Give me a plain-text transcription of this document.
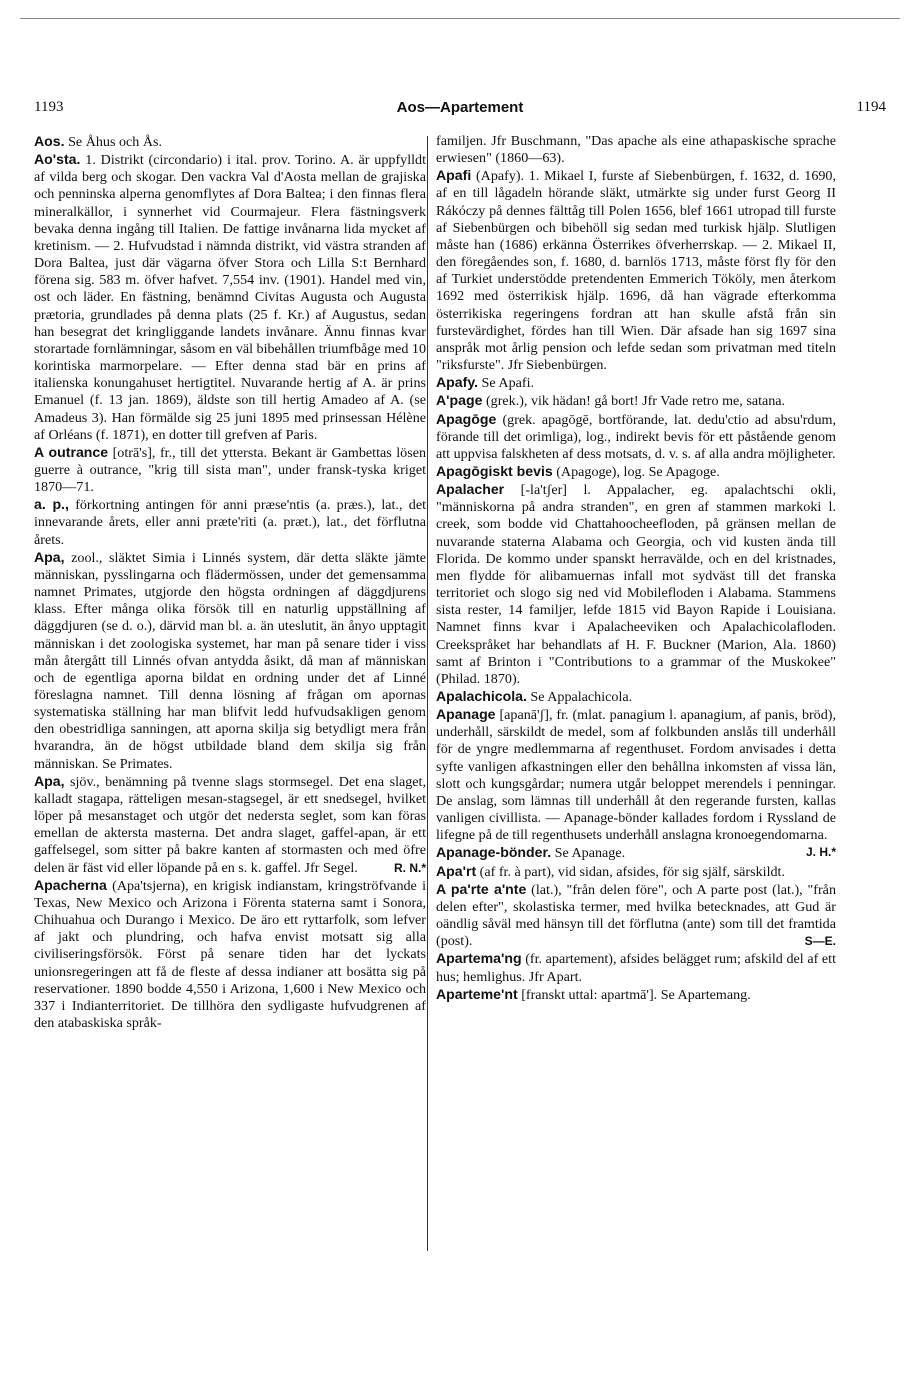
1193	Aos—Apartement	1194

Aos. Se Åhus och Ås.

Ao'sta. 1. Distrikt (circondario) i ital. prov. Torino. A. är uppfylldt af vilda berg och skogar. Den vackra Val d'Aosta mellan de grajiska och penninska alperna genomflytes af Dora Baltea; i den finnas flera mineralkällor, i synnerhet vid Courmajeur. Flera fästningsverk bevaka denna ingång till Italien. De fattige invånarna lida mycket af kretinism. — 2. Hufvudstad i nämnda distrikt, vid västra stranden af Dora Baltea, just där vägarna öfver Stora och Lilla S:t Bernhard förena sig. 583 m. öfver hafvet. 7,554 inv. (1901). Handel med vin, ost och läder. En fästning, benämnd Civitas Augusta och Augusta prætoria, grundlades på denna plats (25 f. Kr.) af Augustus, sedan han besegrat det kringliggande landets invånare. Ännu finnas kvar storartade fornlämningar, såsom en väl bibehållen triumfbåge med 10 korintiska marmorpelare. — Efter denna stad bär en prins af italienska konungahuset hertigtitel. Nuvarande hertig af A. är prins Emanuel (f. 13 jan. 1869), äldste son till hertig Amadeo af A. (se Amadeus 3). Han förmälde sig 25 juni 1895 med prinsessan Hélène af Orléans (f. 1871), en dotter till grefven af Paris.

A outrance [otrā's], fr., till det yttersta. Bekant är Gambettas lösen guerre à outrance, "krig till sista man", under fransk-tyska kriget 1870—71.

a. p., förkortning antingen för anni præse'ntis (a. præs.), lat., det innevarande årets, eller anni præte'riti (a. præt.), lat., det förflutna årets.

Apa, zool., släktet Simia i Linnés system, där detta släkte jämte människan, pysslingarna och flädermössen, under det gemensamma namnet Primates, utgjorde den högsta ordningen af däggdjurens klass. Efter många olika försök till en naturlig uppställning af däggdjuren (se d. o.), därvid man bl. a. än uteslutit, än ånyo upptagit människan i det zoologiska systemet, har man på senare tider i viss mån återgått till Linnés ofvan antydda åsikt, då man af människan och de egentliga aporna bildat en ordning under det af Linné föreslagna namnet. Till denna lösning af frågan om apornas systematiska ställning har man blifvit ledd hufvudsakligen genom den obestridliga sanningen, att aporna skilja sig betydligt mera från hvarandra, än de högst utbildade bland dem skilja sig från människan. Se Primates.

Apa, sjöv., benämning på tvenne slags stormsegel. Det ena slaget, kalladt stagapa, rätteligen mesan-stagsegel, är ett snedsegel, hvilket löper på mesanstaget och utgör det nedersta seglet, som kan föras emellan de aktersta masterna. Det andra slaget, gaffel-apan, är ett gaffelsegel, som sitter på bakre kanten af stormasten och med öfre delen är fäst vid eller löpande på en s. k. gaffel. Jfr Segel.	R. N.*

Apacherna (Apa'tsjerna), en krigisk indianstam, kringströfvande i Texas, New Mexico och Arizona i Förenta staterna samt i Sonora, Chihuahua och Durango i Mexico. De äro ett ryttarfolk, som lefver af jakt och plundring, och hafva envist motsatt sig alla civiliseringsförsök. Först på senare tiden har det lyckats unionsregeringen att få de fleste af dessa indianer att bosätta sig på reservationer. 1890 bodde 4,550 i Arizona, 1,600 i New Mexico och 337 i Indianterritoriet. De tillhöra den sydligaste hufvudgrenen af den atabaskiska språk-

familjen. Jfr Buschmann, "Das apache als eine athapaskische sprache erwiesen" (1860—63).

Apafi (Apafy). 1. Mikael I, furste af Siebenbürgen, f. 1632, d. 1690, af en till lågadeln hörande släkt, utmärkte sig under furst Georg II Rákóczy på dennes fälttåg till Polen 1656, blef 1661 utropad till furste af Siebenbürgen och bibehöll sig sedan med turkisk hjälp. Slutligen måste han (1686) erkänna Österrikes öfverherrskap. — 2. Mikael II, den föregåendes son, f. 1680, d. barnlös 1713, måste först fly för den af Turkiet understödde pretendenten Emmerich Tököly, men återkom 1692 med österrikisk hjälp. 1696, då han vägrade efterkomma österrikiska regeringens fordran att han skulle afstå från sin furstevärdighet, fördes han till Wien. Där afsade han sig 1697 sina anspråk mot årlig pension och lefde sedan som privatman med titeln "riksfurste". Jfr Siebenbürgen.

Apafy. Se Apafi.

A'page (grek.), vik hädan! gå bort! Jfr Vade retro me, satana.

Apagōge (grek. apagōgē, bortförande, lat. dedu'ctio ad absu'rdum, förande till det orimliga), log., indirekt bevis för ett påstående genom att uppvisa falskheten af dess motsats, d. v. s. af alla andra möjligheter.

Apagōgiskt bevis (Apagoge), log. Se Apagoge.

Apalacher [-la'tʃer] l. Appalacher, eg. apalachtschi okli, "människorna på andra stranden", en gren af stammen markoki l. creek, som bodde vid Chattahoocheefloden, på gränsen mellan de nuvarande staterna Alabama och Georgia, och vid kusten ända till Florida. De kommo under spanskt herravälde, och en del kristnades, men flydde för alibamuernas infall mot sydväst till det franska territoriet och slogo sig ned vid Mobilefloden i Alabama. Stammens sista rester, 14 familjer, lefde 1815 vid Bayon Rapide i Louisiana. Namnet finns kvar i Apalacheeviken och Apalachicolafloden. Creekspråket har behandlats af H. F. Buckner (Marion, Ala. 1860) samt af Brinton i "Contributions to a grammar of the Muskokee" (Philad. 1870).

Apalachicola. Se Appalachicola.

Apanage [apanā'ʃ], fr. (mlat. panagium l. apanagium, af panis, bröd), underhåll, särskildt de medel, som af folkbunden anslås till underhåll för de yngre medlemmarna af regenthuset. Fordom anvisades i detta syfte vanligen afkastningen eller den behållna inkomsten af vissa län, slott och kungsgårdar; numera utgår beloppet merendels i penningar. De anslag, som lämnas till underhåll åt den regerande fursten, kallas vanligen civillista. — Apanage-bönder kallades fordom i Ryssland de lifegne på de till regenthusets underhåll anslagna kronoegendomarna.
J. H.*

Apanage-bönder. Se Apanage.

Apa'rt (af fr. à part), vid sidan, afsides, för sig själf, särskildt.

A pa'rte a'nte (lat.), "från delen före", och A parte post (lat.), "från delen efter", skolastiska termer, med hvilka betecknades, att Gud är oändlig såväl med hänsyn till det förflutna (ante) som till det framtida (post).	S—E.

Apartema'ng (fr. apartement), afsides belägget rum; afskild del af ett hus; hemlighus. Jfr Apart.

Aparteme'nt [franskt uttal: apartmā']. Se Apartemang.
